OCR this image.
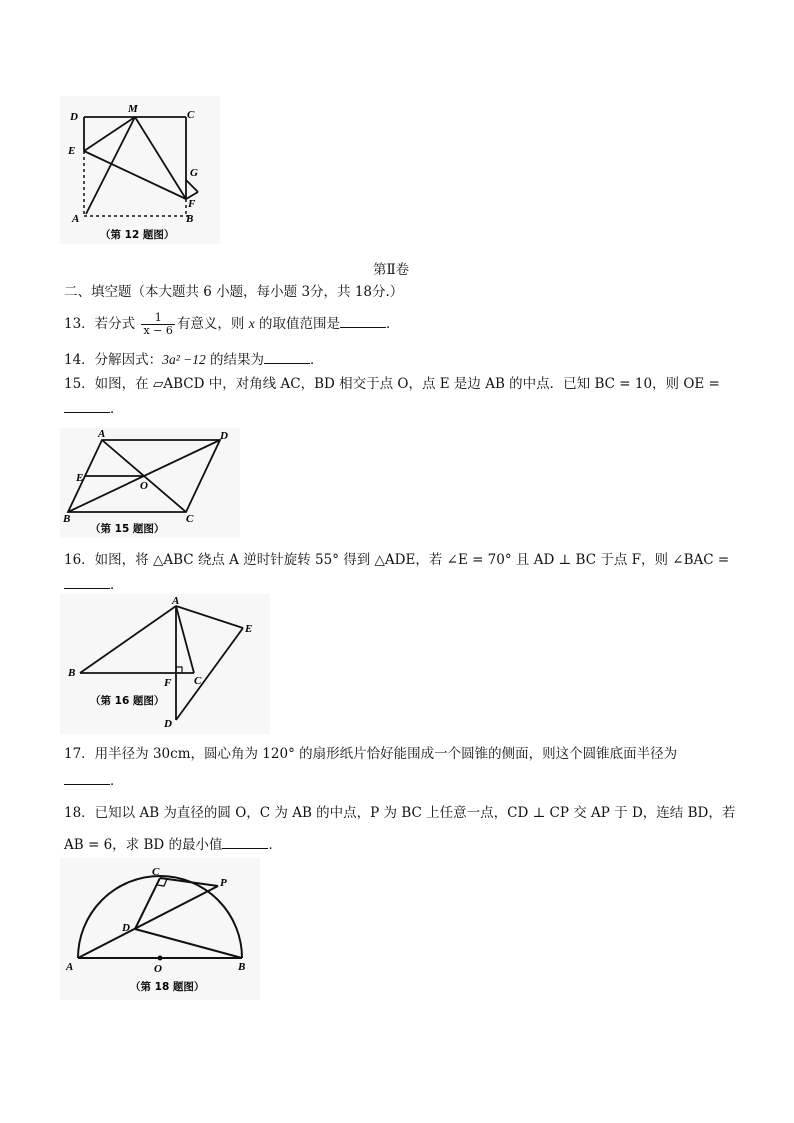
D
M	C
E
G
F
A	B
（第 12 题图）
第Ⅱ卷
二、填空题（本大题共 6 小题，每小题 3分，共 18分.）
13．若分式 $\frac{1}{x - 6}$ 有意义，则 x 的取值范围是	．
14．分解因式：3a² −12 的结果为	．
15．如图，在 ▱ABCD 中，对角线 AC，BD 相交于点 O，点 E 是边 AB 的中点．已知 BC = 10，则 OE =
．
A	D
E
O
B	C
（第 15 题图）
16．如图，将 △ABC 绕点 A 逆时针旋转 55° 得到 △ADE，若 ∠E = 70° 且 AD ⊥ BC 于点 F，则 ∠BAC =
．
A
E
B
F C
D
（第 16 题图）
17．用半径为 30cm，圆心角为 120° 的扇形纸片恰好能围成一个圆锥的侧面，则这个圆锥底面半径为
．
18．已知以 AB 为直径的圆 O，C 为 AB 的中点，P 为 BC 上任意一点，CD ⊥ CP 交 AP 于 D，连结 BD，若
AB = 6，求 BD 的最小值	．
C
P
D
A	O	B
（第 18 题图）
